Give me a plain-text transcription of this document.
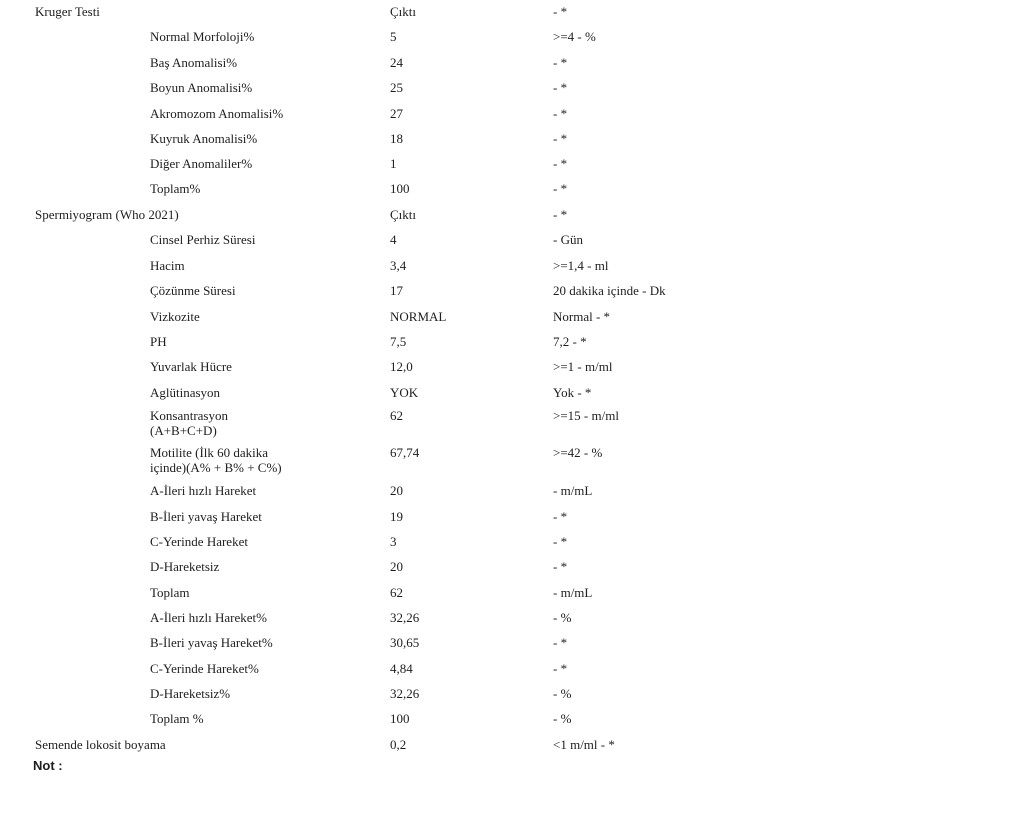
Kruger Testi	Çıktı	- *
Normal Morfoloji%	5	>=4 - %
Baş Anomalisi%	24	- *
Boyun Anomalisi%	25	- *
Akromozom Anomalisi%	27	- *
Kuyruk Anomalisi%	18	- *
Diğer Anomaliler%	1	- *
Toplam%	100	- *
Spermiyogram (Who 2021)	Çıktı	- *
Cinsel Perhiz Süresi	4	- Gün
Hacim	3,4	>=1,4 - ml
Çözünme Süresi	17	20 dakika içinde - Dk
Vizkozite	NORMAL	Normal - *
PH	7,5	7,2 - *
Yuvarlak Hücre	12,0	>=1 - m/ml
Aglütinasyon	YOK	Yok - *
Konsantrasyon
(A+B+C+D)
62	>=15 - m/ml
Motilite (İlk 60 dakika
içinde)(A% + B% + C%)
67,74	>=42 - %
A-İleri hızlı Hareket	20	- m/mL
B-İleri yavaş Hareket	19	- *
C-Yerinde Hareket	3	- *
D-Hareketsiz	20	- *
Toplam	62	- m/mL
A-İleri hızlı Hareket%	32,26	- %
B-İleri yavaş Hareket%	30,65	- *
C-Yerinde Hareket%	4,84	- *
D-Hareketsiz%	32,26	- %
Toplam %	100	- %
Semende lokosit boyama	0,2	<1 m/ml - *
Not :
